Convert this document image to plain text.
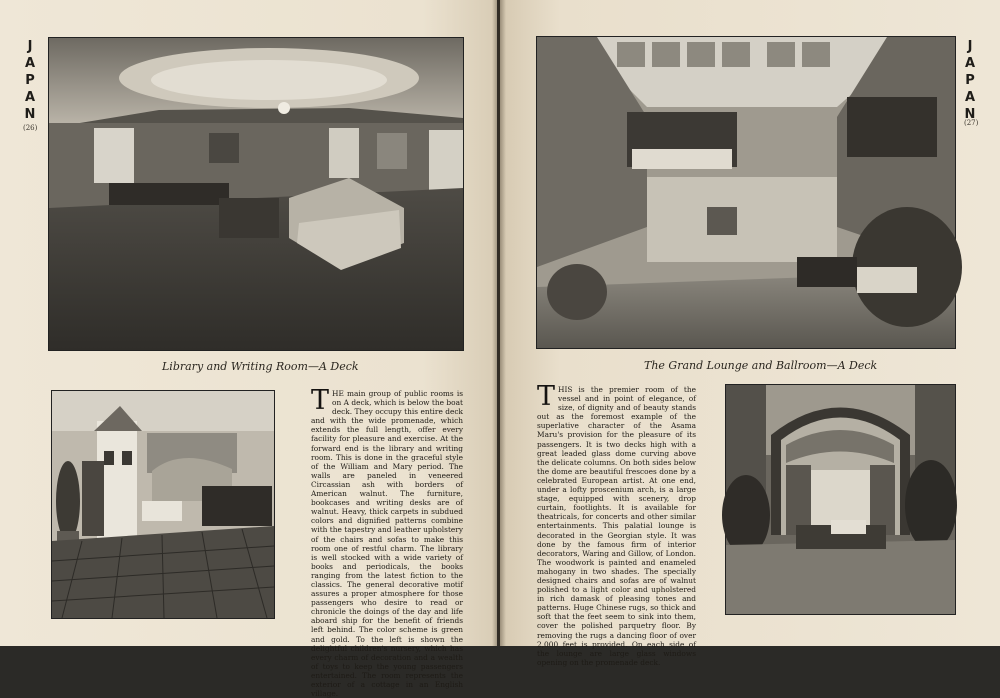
J
A
P
A
N
(26)
Library and Writing Room—A Deck
THE main group of public rooms is on A deck, which is below the boat deck. They occupy this entire deck and with the wide promenade, which extends the full length, offer every facility for pleasure and exercise. At the forward end is the library and writing room. This is done in the graceful style of the William and Mary period. The walls are paneled in veneered Circassian ash with borders of American walnut. The furniture, bookcases and writing desks are of walnut. Heavy, thick carpets in subdued colors and dignified patterns combine with the tapestry and leather upholstery of the chairs and sofas to make this room one of restful charm. The library is well stocked with a wide variety of books and periodicals, the books ranging from the latest fiction to the classics. The general decorative motif assures a proper atmosphere for those passengers who desire to read or chronicle the doings of the day and life aboard ship for the benefit of friends left behind. The color scheme is green and gold. To the left is shown the delightful children's nursery, which has every charm of decoration and a wealth of toys to keep the young passengers entertained. The room represents the exterior of a cottage in an English village.
J
A
P
A
N
(27)
The Grand Lounge and Ballroom—A Deck
THIS is the premier room of the vessel and in point of elegance, of size, of dignity and of beauty stands out as the foremost example of the superlative character of the Asama Maru's provision for the pleasure of its passengers. It is two decks high with a great leaded glass dome curving above the delicate columns. On both sides below the dome are beautiful frescoes done by a celebrated European artist. At one end, under a lofty proscenium arch, is a large stage, equipped with scenery, drop curtain, footlights. It is available for theatricals, for concerts and other similar entertainments. This palatial lounge is decorated in the Georgian style. It was done by the famous firm of interior decorators, Waring and Gillow, of London. The woodwork is painted and enameled mahogany in two shades. The specially designed chairs and sofas are of walnut polished to a light color and upholstered in rich damask of pleasing tones and patterns. Huge Chinese rugs, so thick and soft that the feet seem to sink into them, cover the polished parquetry floor. By removing the rugs a dancing floor of over 2,000 feet is provided. On each side of the lounge are large glass windows opening on the promenade deck.
